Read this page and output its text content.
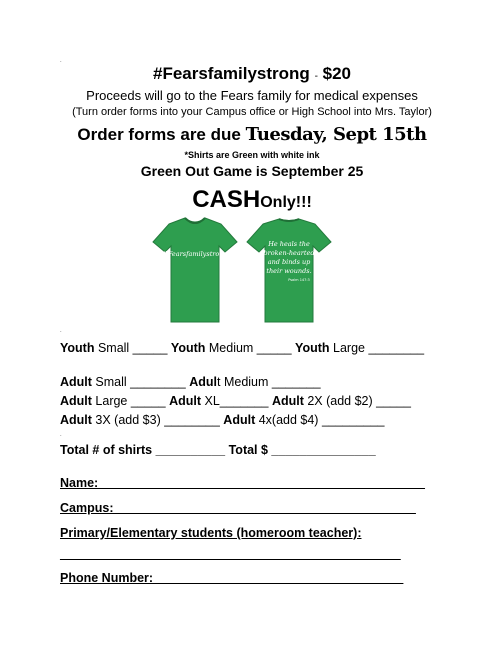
.
#Fearsfamilystrong - $20
Proceeds will go to the Fears family for medical expenses
(Turn order forms into your Campus office or High School into Mrs. Taylor)
Order forms are due Tuesday, Sept 15th
*Shirts are Green with white ink
Green Out Game is September 25
CASHOnly!!!
#Fearsfamilystrong
He heals the
broken-hearted
and binds up
their wounds.
Psalm 147:3
.
Youth Small _____ Youth Medium _____ Youth Large ________
Adult Small ________ Adult Medium _______
Adult Large _____ Adult XL_______ Adult 2X (add $2) _____
Adult 3X (add $3) ________ Adult 4x(add $4) _________
.
Total # of shirts __________ Total $ _______________
Name:_______________________________________________
Campus: ___________________________________________
Primary/Elementary students (homeroom teacher):
_________________________________________________
Phone Number:____________________________________
